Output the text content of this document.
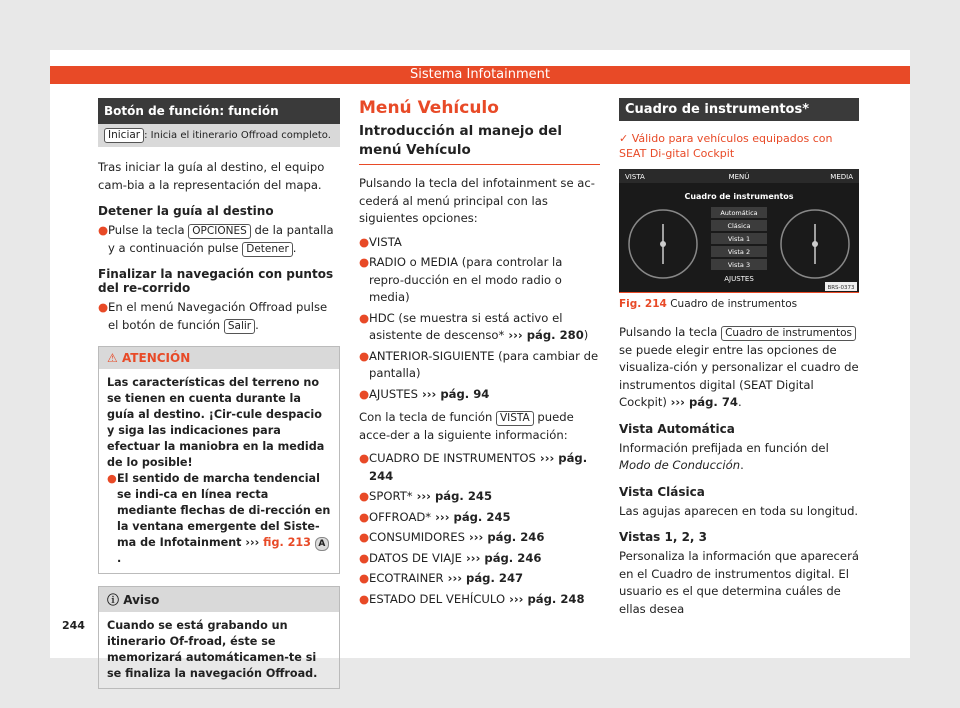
Sistema Infotainment
Botón de función: función
Iniciar : Inicia el itinerario Offroad completo.

Tras iniciar la guía al destino, el equipo cam-bia a la representación del mapa.

Detener la guía al destino
● Pulse la tecla OPCIONES de la pantalla y a continuación pulse Detener .
Finalizar la navegación con puntos del re-corrido
● En el menú Navegación Offroad pulse el botón de función Salir .
⚠ ATENCIÓN
Las características del terreno no se tienen en cuenta durante la guía al destino. ¡Cir-cule despacio y siga las indicaciones para efectuar la maniobra en la medida de lo posible!
● El sentido de marcha tendencial se indi-ca en línea recta mediante flechas de di-rección en la ventana emergente del Siste-ma de Infotainment ››› fig. 213 A.
ⓘ Aviso
Cuando se está grabando un itinerario Of-froad, éste se memorizará automáticamen-te si se finaliza la navegación Offroad.
Menú Vehículo
Introducción al manejo del menú Vehículo

Pulsando la tecla del infotainment se ac-cederá al menú principal con las siguientes opciones:

● VISTA
● RADIO o MEDIA (para controlar la repro-ducción en el modo radio o media)
● HDC (se muestra si está activo el asistente de descenso* ››› pág. 280)
● ANTERIOR-SIGUIENTE (para cambiar de pantalla)
● AJUSTES ››› pág. 94

Con la tecla de función VISTA puede acce-der a la siguiente información:

● CUADRO DE INSTRUMENTOS ››› pág. 244
● SPORT* ››› pág. 245
● OFFROAD* ››› pág. 245
● CONSUMIDORES ››› pág. 246
● DATOS DE VIAJE ››› pág. 246
● ECOTRAINER ››› pág. 247
● ESTADO DEL VEHÍCULO ››› pág. 248
Cuadro de instrumentos*
✓ Válido para vehículos equipados con SEAT Di-gital Cockpit
VISTA	MENÚ	MEDIA
Cuadro de instrumentos
Automática
Clásica
Vista 1
Vista 2
Vista 3
AJUSTES
BRS-0373
Fig. 214 Cuadro de instrumentos

Pulsando la tecla Cuadro de instrumentos se puede elegir entre las opciones de visualiza-ción y personalizar el cuadro de instrumentos digital (SEAT Digital Cockpit) ››› pág. 74.

Vista Automática

Información prefijada en función del Modo de Conducción.

Vista Clásica

Las agujas aparecen en toda su longitud.

Vistas 1, 2, 3

Personaliza la información que aparecerá en el Cuadro de instrumentos digital. El usuario es el que determina cuáles de ellas desea

244
